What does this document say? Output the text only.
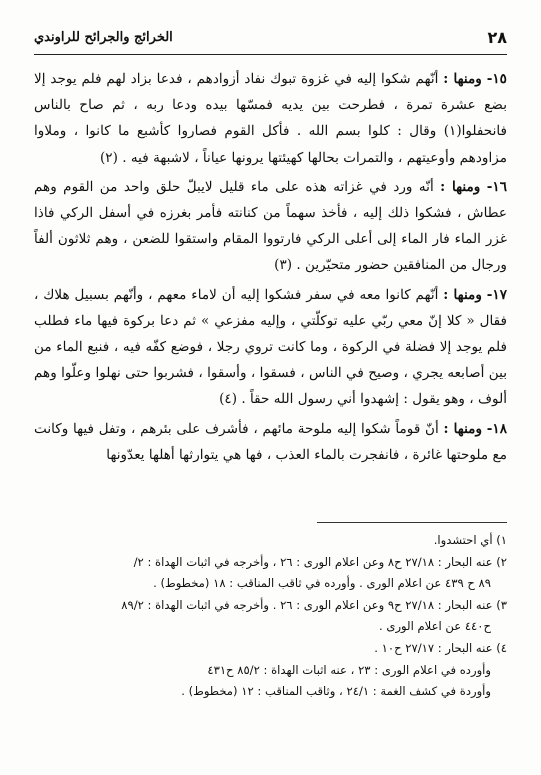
٢٨
الخرائج والجرائح للراوندي

١٥- ومنها : أنّهم شكوا إليه في غزوة تبوك نفاد أزوادهم ، فدعا بزاد لهم فلم يوجد إلا بضع عشرة تمرة ، فطرحت بين يديه فمسّها بيده ودعا ربه ، ثم صاح بالناس فانحفلوا(١) وقال : كلوا بسم الله . فأكل القوم فصاروا كأشبع ما كانوا ، وملاوا مزاودهم وأوعيتهم ، والتمرات بحالها كهيئتها يرونها عياناً ، لاشبهة فيه . (٢)

١٦- ومنها : أنّه ورد في غزاته هذه على ماء قليل لايبلّ حلق واحد من القوم وهم عطاش ، فشكوا ذلك إليه ، فأخذ سهماً من كنانته فأمر بغرزه في أسفل الركي فاذا غزر الماء فار الماء إلى أعلى الركي فارتووا المقام واستقوا للضعن ، وهم ثلاثون ألفاً ورجال من المنافقين حضور متحيّرين . (٣)

١٧- ومنها : أنّهم كانوا معه في سفر فشكوا إليه أن لاماء معهم ، وأنّهم بسبيل هلاك ، فقال « كلا إنّ معي ربّي عليه توكلّتي ، وإليه مفزعي » ثم دعا بركوة فيها ماء فطلب فلم يوجد إلا فضلة في الركوة ، وما كانت تروي رجلا ، فوضع كفّه فيه ، فنبع الماء من بين أصابعه يجري ، وصيح في الناس ، فسقوا ، وأسقوا ، فشربوا حتى نهلوا وعلّوا وهم ألوف ، وهو يقول : إشهدوا أني رسول الله حقاً . (٤)

١٨- ومنها : أنّ قوماً شكوا إليه ملوحة مائهم ، فأشرف على بئرهم ، وتفل فيها وكانت مع ملوحتها غائرة ، فانفجرت بالماء العذب ، فها هي يتوارثها أهلها يعدّونها

١) أي احتشدوا.
٢) عنه البحار : ٢٧/١٨ ح٨ وعن اعلام الورى : ٢٦ ، وأخرجه في اثبات الهداة : ٢/
٨٩ ح ٤٣٩ عن اعلام الورى . وأورده في ثاقب المناقب : ١٨ (مخطوط) .
٣) عنه البحار : ٢٧/١٨ ح٩ وعن اعلام الورى : ٢٦ . وأخرجه في اثبات الهداة : ٨٩/٢
ح٤٤٠ عن اعلام الورى .
٤) عنه البحار : ٢٧/١٧ ح١٠ .
وأورده في اعلام الورى : ٢٣ ، عنه اثبات الهداة : ٨٥/٢ ح٤٣١
وأوردة في كشف الغمة : ٢٤/١ ، وثاقب المناقب : ١٢ (مخطوط) .
